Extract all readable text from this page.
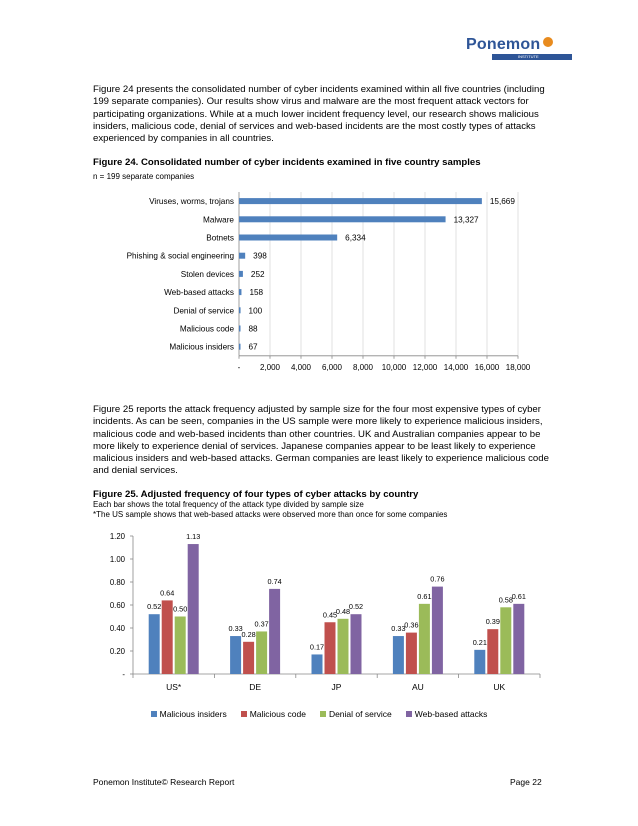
Ponemon
INSTITUTE

Figure 24 presents the consolidated number of cyber incidents examined within all five countries (including 199 separate companies). Our results show virus and malware are the most frequent attack vectors for participating organizations. While at a much lower incident frequency level, our research shows malicious insiders, malicious code, denial of services and web-based incidents are the most costly types of attacks experienced by companies in all countries.

Figure 24. Consolidated number of cyber incidents examined in five country samples

n = 199 separate companies

- 2,000 4,000 6,000 8,000 10,000 12,000 14,000 16,000 18,000
Viruses, worms, trojans	15,669
Malware	13,327
Botnets	6,334
Phishing & social engineering 398
Stolen devices 252
Web-based attacks 158
Denial of service 100
Malicious code 88
Malicious insiders 67

Figure 25 reports the attack frequency adjusted by sample size for the four most expensive types of cyber incidents. As can be seen, companies in the US sample were more likely to experience malicious insiders, malicious code and web-based incidents than other countries. UK and Australian companies appear to be more likely to experience denial of services. Japanese companies appear to be least likely to experience malicious insiders and web-based attacks. German companies are least likely to experience malicious code and denial services.

Figure 25. Adjusted frequency of four types of cyber attacks by country

Each bar shows the total frequency of the attack type divided by sample size

*The US sample shows that web-based attacks were observed more than once for some companies

-
0.20
0.40
0.60
0.80
1.00
1.20
US*
0.52
0.64
0.50
1.13
DE
0.33
0.28
0.37
0.74
JP
0.17
0.45
0.48
0.52
AU
0.33
0.36
0.61
0.76
UK
0.21
0.39
0.58
0.61
Malicious insiders	Malicious code	Denial of service	Web-based attacks
Ponemon Institute© Research Report	Page 22
